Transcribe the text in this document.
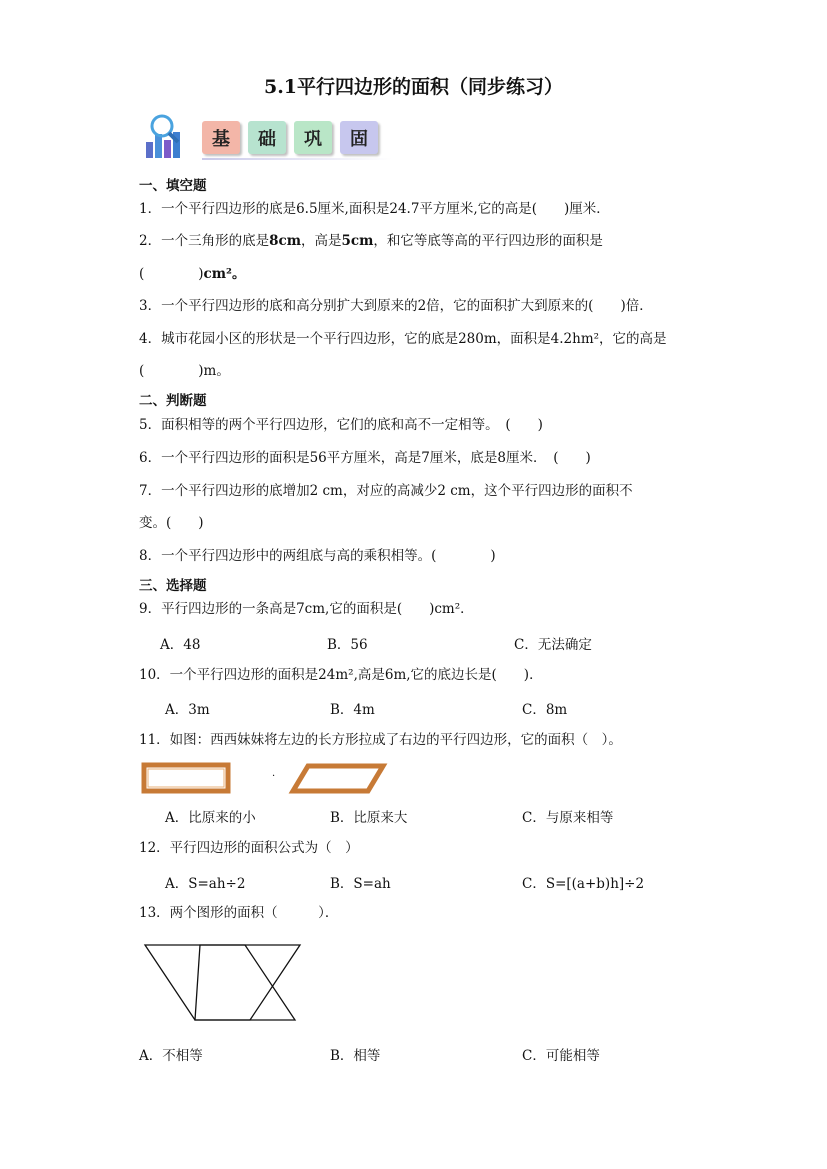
5.1平行四边形的面积（同步练习）
基	础	巩	固
一、填空题
1．一个平行四边形的底是6.5厘米,面积是24.7平方厘米,它的高是(　　)厘米．
2．一个三角形的底是8cm，高是5cm，和它等底等高的平行四边形的面积是
(　　　　)cm²。
3．一个平行四边形的底和高分别扩大到原来的2倍，它的面积扩大到原来的(　　)倍．
4．城市花园小区的形状是一个平行四边形，它的底是280m，面积是4.2hm²，它的高是
(　　　　)m。
二、判断题
5．面积相等的两个平行四边形，它们的底和高不一定相等。　(　　)
6．一个平行四边形的面积是56平方厘米，高是7厘米，底是8厘米．　(　　)
7．一个平行四边形的底增加2 cm，对应的高减少2 cm，这个平行四边形的面积不
变。(　　)
8．一个平行四边形中的两组底与高的乘积相等。(　　　　)
三、选择题
9．平行四边形的一条高是7cm,它的面积是(　　)cm²．
A．48	B．56	C．无法确定
10．一个平行四边形的面积是24m²,高是6m,它的底边长是(　　)．
A．3m	B．4m	C．8m
11．如图：西西妹妹将左边的长方形拉成了右边的平行四边形，它的面积（　）。
·
A．比原来的小	B．比原来大	C．与原来相等
12．平行四边形的面积公式为（　）
A．S=ah÷2	B．S=ah	C．S=[(a+b)h]÷2
13．两个图形的面积（　　　）．
A．不相等	B．相等	C．可能相等
